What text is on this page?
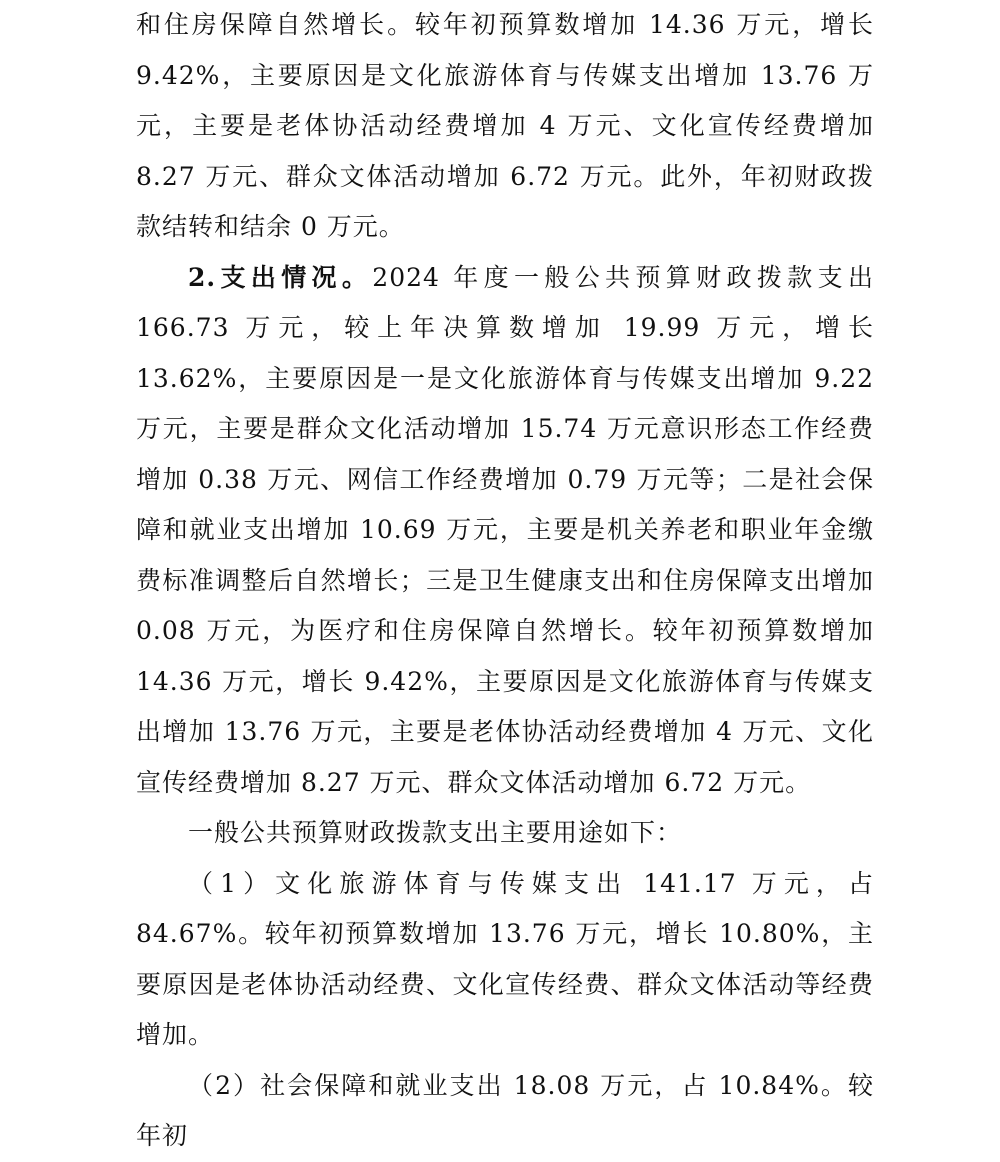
和住房保障自然增长。较年初预算数增加 14.36 万元，增长 9.42%，主要原因是文化旅游体育与传媒支出增加 13.76 万元，主要是老体协活动经费增加 4 万元、文化宣传经费增加 8.27 万元、群众文体活动增加 6.72 万元。此外，年初财政拨款结转和结余 0 万元。

2.支出情况。2024 年度一般公共预算财政拨款支出 166.73 万元，较上年决算数增加 19.99 万元，增长 13.62%，主要原因是一是文化旅游体育与传媒支出增加 9.22 万元，主要是群众文化活动增加 15.74 万元意识形态工作经费增加 0.38 万元、网信工作经费增加 0.79 万元等；二是社会保障和就业支出增加 10.69 万元，主要是机关养老和职业年金缴费标准调整后自然增长；三是卫生健康支出和住房保障支出增加 0.08 万元，为医疗和住房保障自然增长。较年初预算数增加 14.36 万元，增长 9.42%，主要原因是文化旅游体育与传媒支出增加 13.76 万元，主要是老体协活动经费增加 4 万元、文化宣传经费增加 8.27 万元、群众文体活动增加 6.72 万元。

一般公共预算财政拨款支出主要用途如下：

（1）文化旅游体育与传媒支出 141.17 万元，占 84.67%。较年初预算数增加 13.76 万元，增长 10.80%，主要原因是老体协活动经费、文化宣传经费、群众文体活动等经费增加。

（2）社会保障和就业支出 18.08 万元，占 10.84%。较年初
